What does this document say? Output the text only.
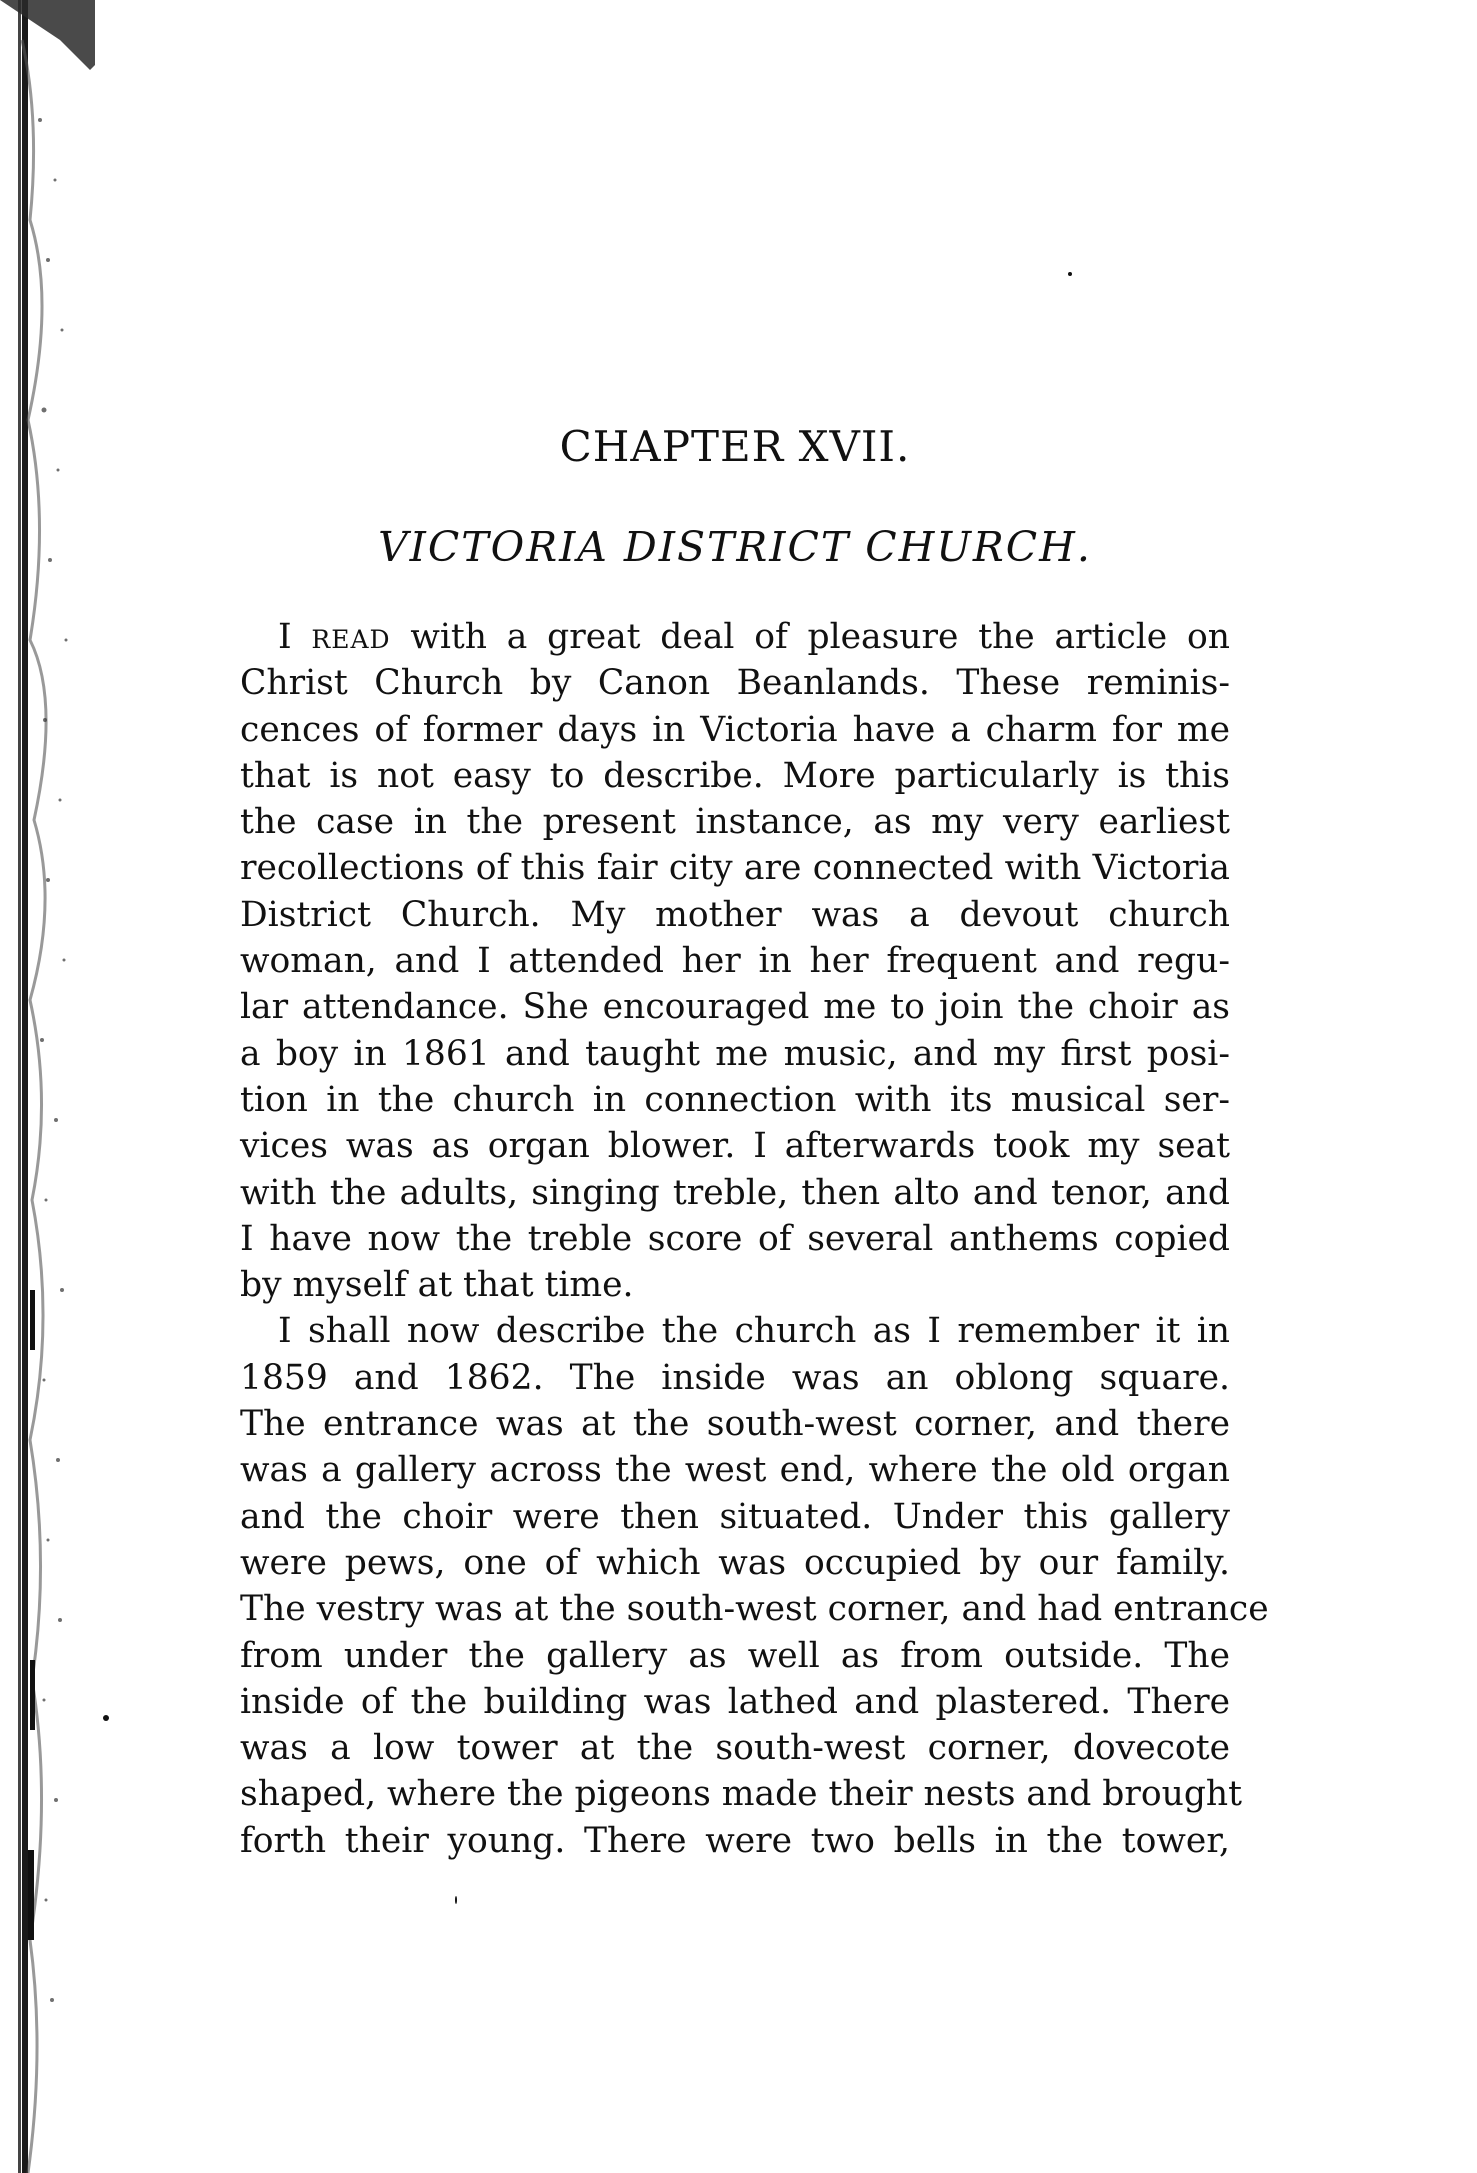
CHAPTER XVII.
VICTORIA DISTRICT CHURCH.
I READ with a great deal of pleasure the article on
Christ Church by Canon Beanlands. These reminis-
cences of former days in Victoria have a charm for me
that is not easy to describe. More particularly is this
the case in the present instance, as my very earliest
recollections of this fair city are connected with Victoria
District Church. My mother was a devout church
woman, and I attended her in her frequent and regu-
lar attendance. She encouraged me to join the choir as
a boy in 1861 and taught me music, and my first posi-
tion in the church in connection with its musical ser-
vices was as organ blower. I afterwards took my seat
with the adults, singing treble, then alto and tenor, and
I have now the treble score of several anthems copied
by myself at that time.
I shall now describe the church as I remember it in
1859 and 1862. The inside was an oblong square.
The entrance was at the south-west corner, and there
was a gallery across the west end, where the old organ
and the choir were then situated. Under this gallery
were pews, one of which was occupied by our family.
The vestry was at the south-west corner, and had entrance
from under the gallery as well as from outside. The
inside of the building was lathed and plastered. There
was a low tower at the south-west corner, dovecote
shaped, where the pigeons made their nests and brought
forth their young. There were two bells in the tower,
